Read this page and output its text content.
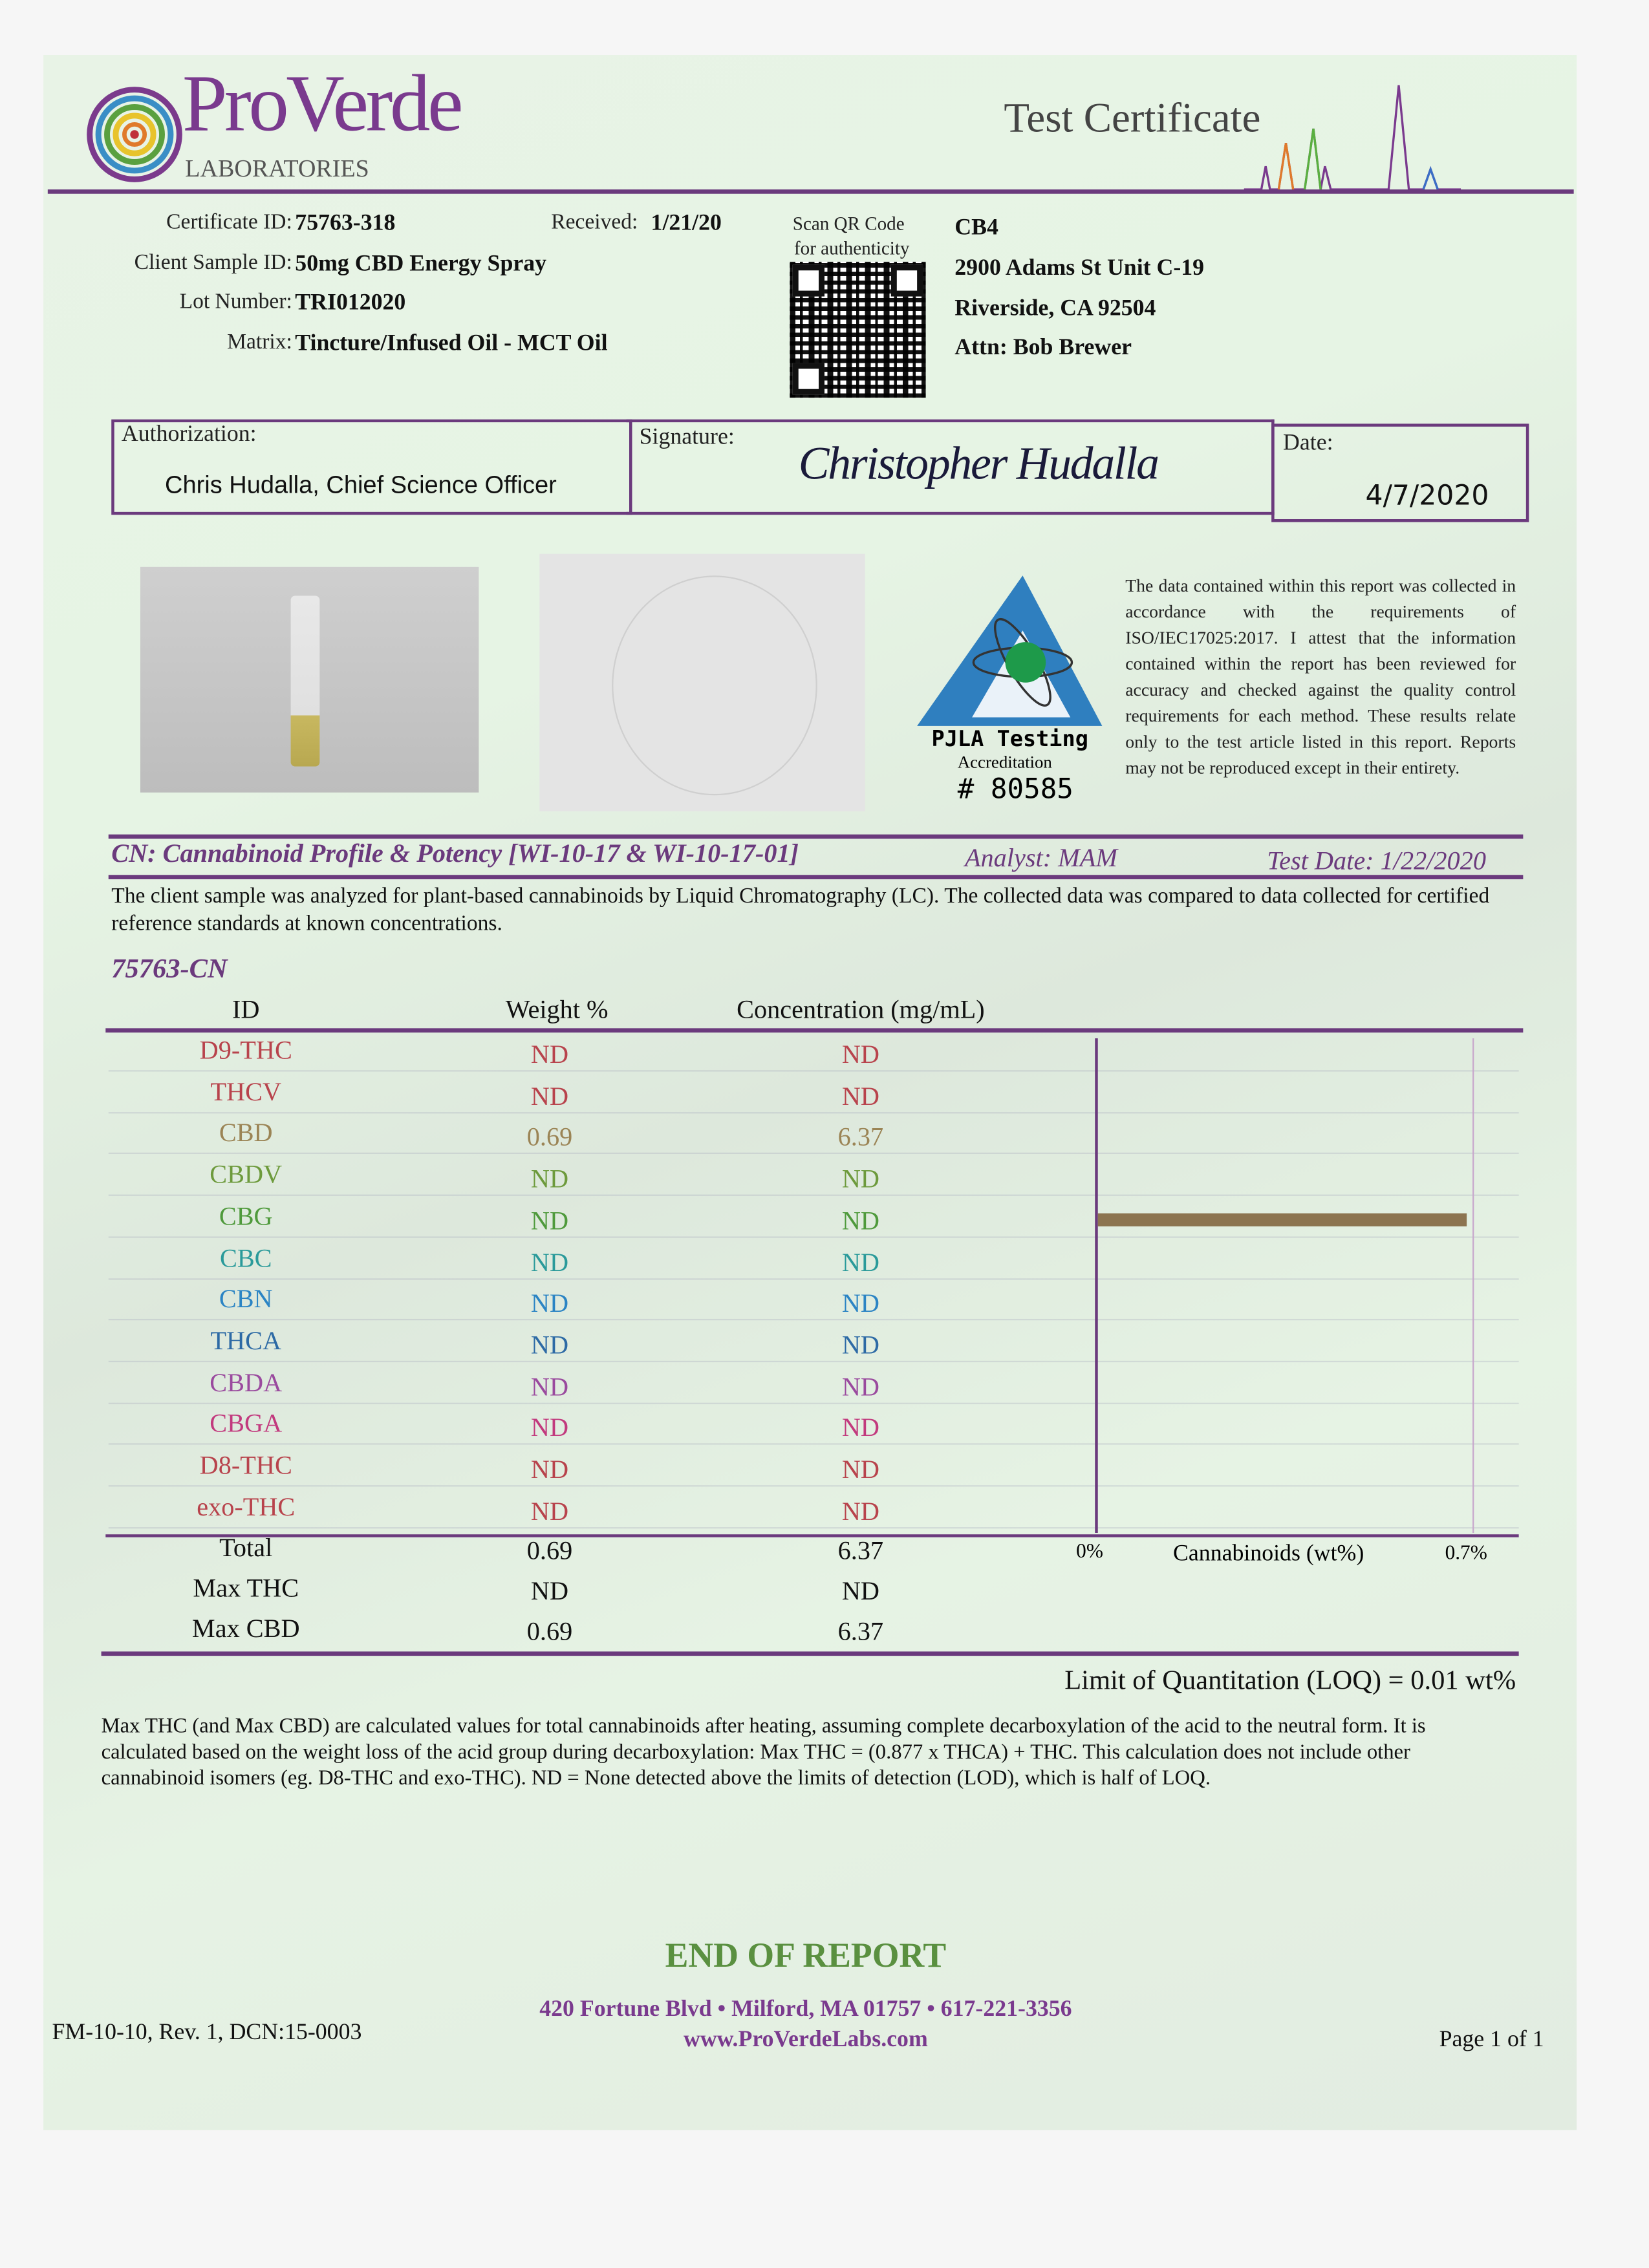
ProVerde
LABORATORIES
Test Certificate
Certificate ID: 75763-318	Received: 1/21/20
Client Sample ID: 50mg CBD Energy Spray
Lot Number: TRI012020
Matrix: Tincture/Infused Oil - MCT Oil
Scan QR Code
for authenticity
CB4
2900 Adams St Unit C-19
Riverside, CA 92504
Attn: Bob Brewer
Authorization:
Chris Hudalla, Chief Science Officer
Signature:	Christopher Hudalla	Date:
4/7/2020
PJLA Testing
Accreditation
# 80585
The data contained within this report was collected in accordance with the requirements of ISO/IEC17025:2017. I attest that the information contained within the report has been reviewed for accuracy and checked against the quality control requirements for each method. These results relate only to the test article listed in this report. Reports may not be reproduced except in their entirety.
CN: Cannabinoid Profile & Potency [WI-10-17 & WI-10-17-01]	Analyst: MAM	Test Date: 1/22/2020
The client sample was analyzed for plant-based cannabinoids by Liquid Chromatography (LC). The collected data was compared to data collected for certified reference standards at known concentrations.
75763-CN
ID	Weight %	Concentration (mg/mL)
D9-THC	ND	ND
THCV	ND	ND
CBD	0.69	6.37
CBDV	ND	ND
CBG	ND	ND
CBC	ND	ND
CBN	ND	ND
THCA	ND	ND
CBDA	ND	ND
CBGA	ND	ND
D8-THC	ND	ND
exo-THC	ND	ND
0%	Cannabinoids (wt%)	0.7%
Total	0.69	6.37
Max THC	ND	ND
Max CBD	0.69	6.37
Limit of Quantitation (LOQ) = 0.01 wt%
Max THC (and Max CBD) are calculated values for total cannabinoids after heating, assuming complete decarboxylation of the acid to the neutral form. It is calculated based on the weight loss of the acid group during decarboxylation: Max THC = (0.877 x THCA) + THC. This calculation does not include other cannabinoid isomers (eg. D8-THC and exo-THC). ND = None detected above the limits of detection (LOD), which is half of LOQ.
END OF REPORT
420 Fortune Blvd • Milford, MA 01757 • 617-221-3356
www.ProVerdeLabs.com
FM-10-10, Rev. 1, DCN:15-0003	Page 1 of 1
